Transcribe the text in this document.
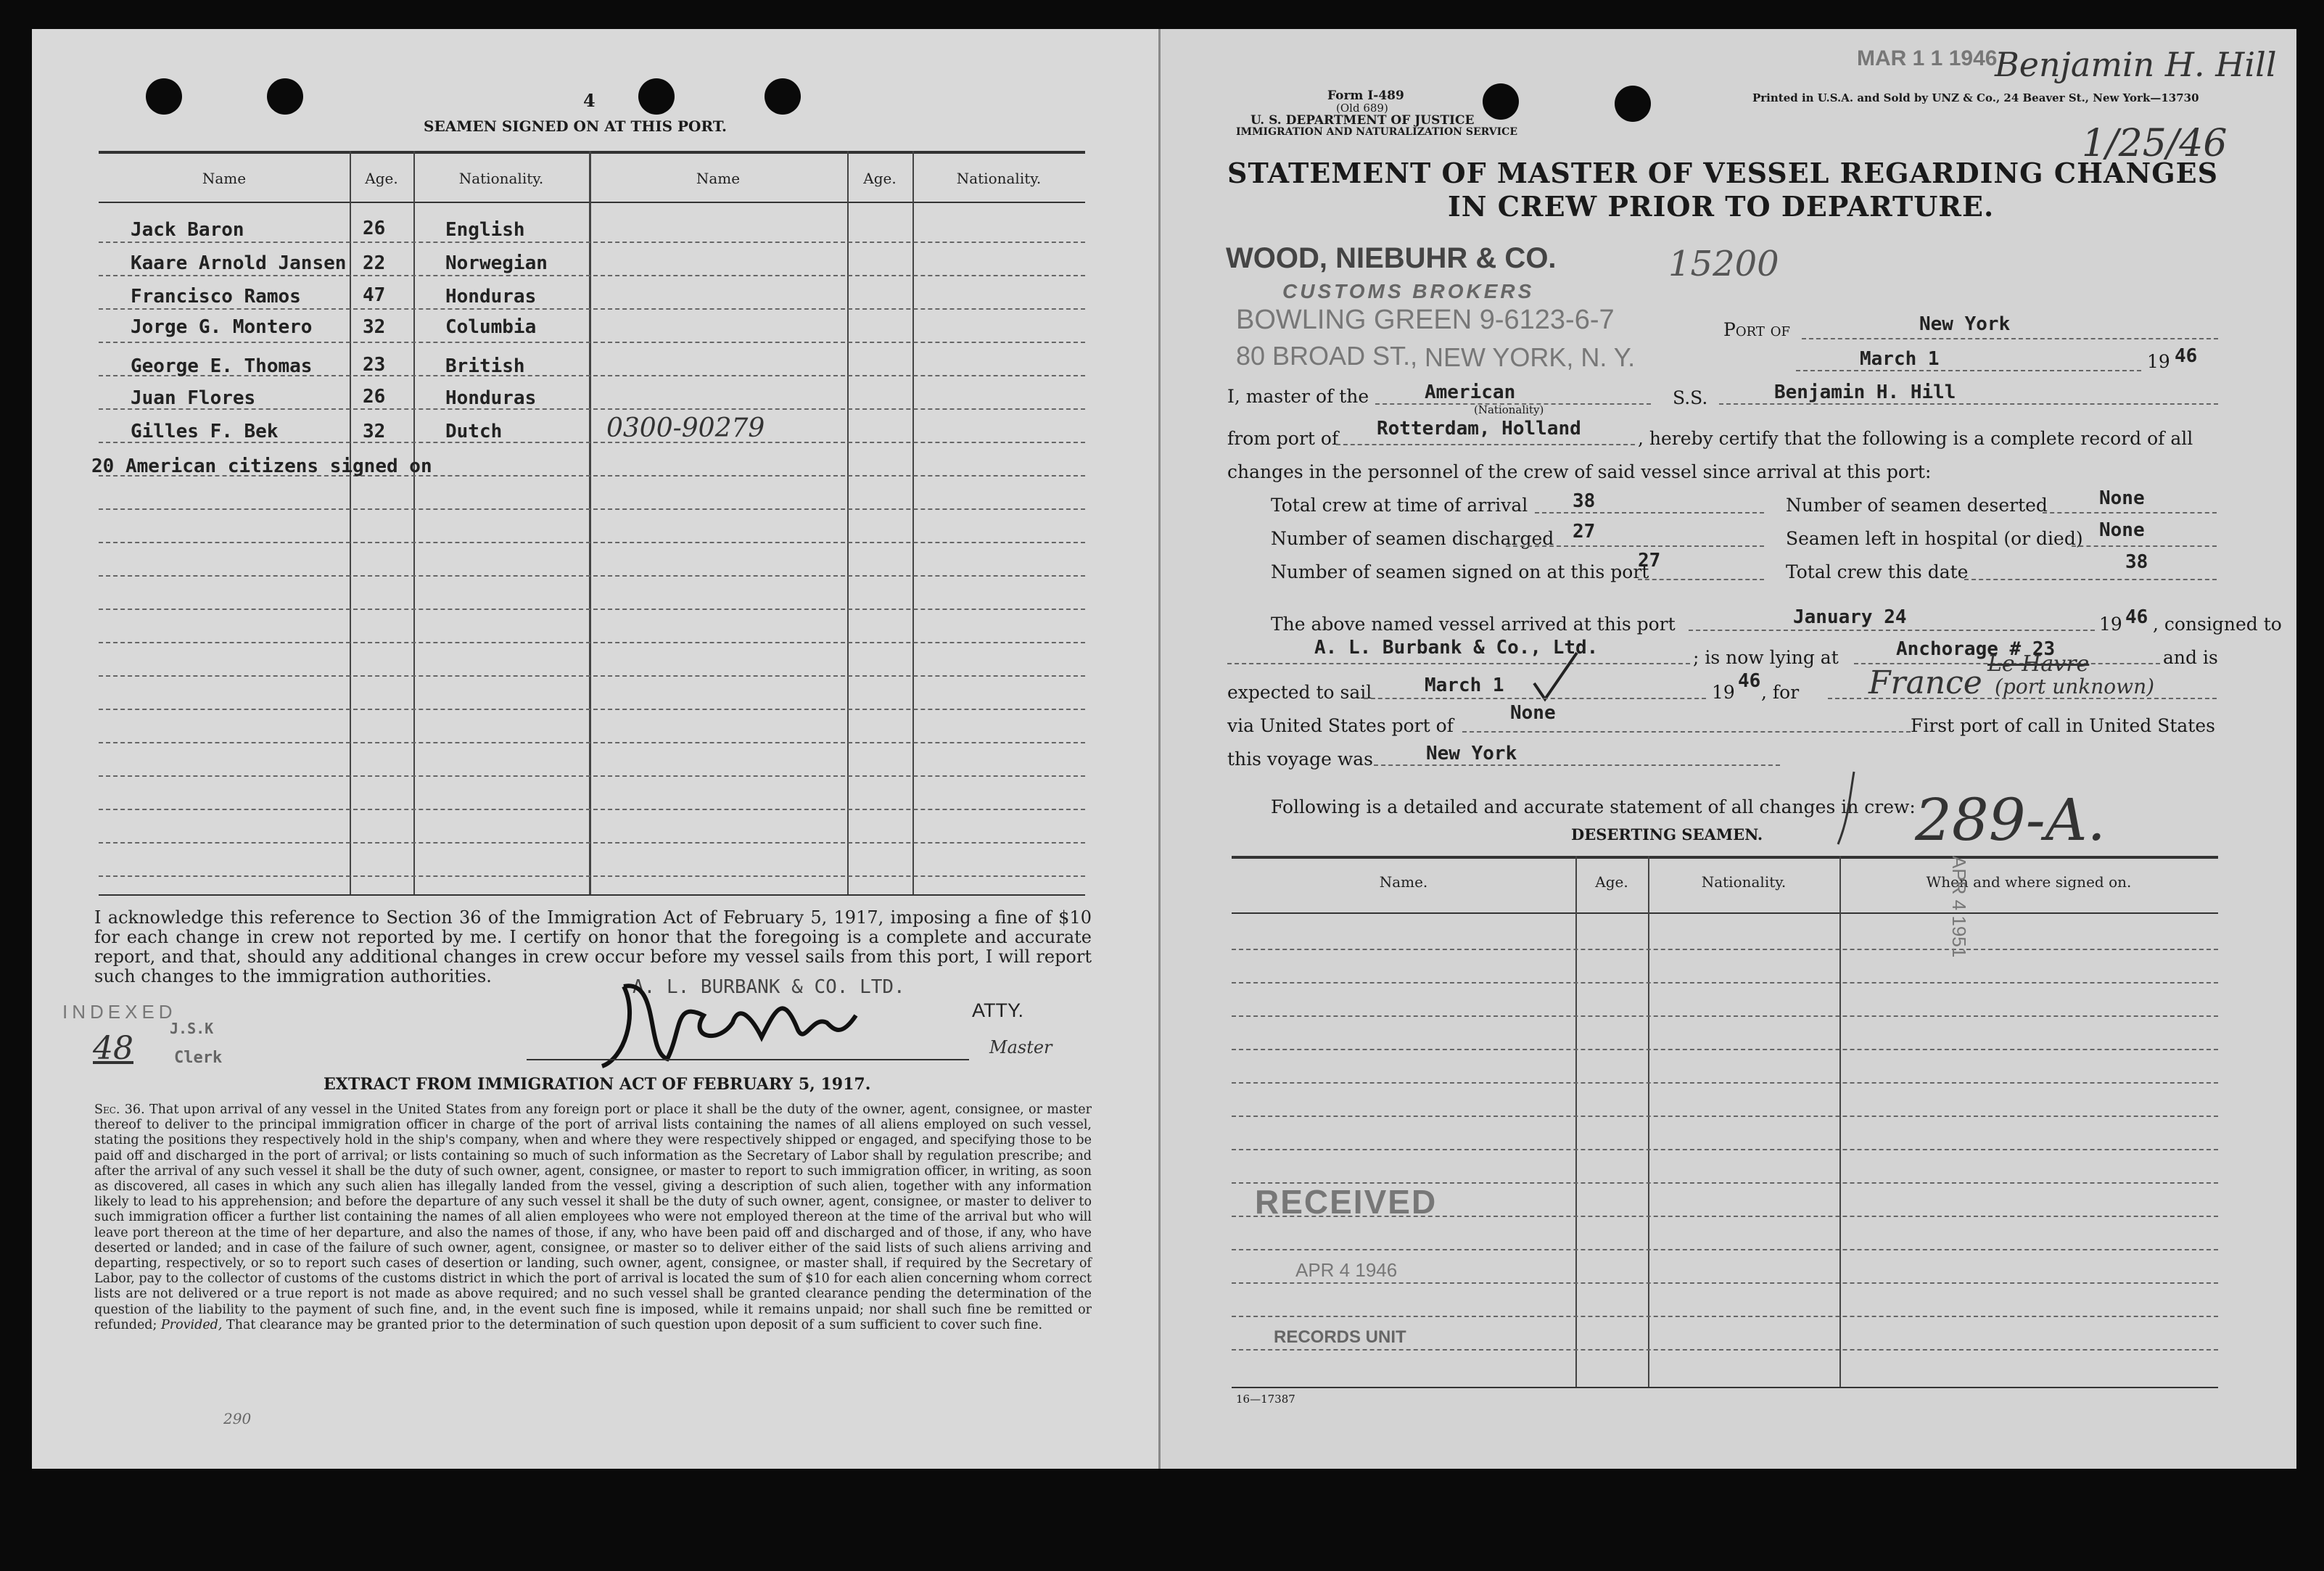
4
SEAMEN SIGNED ON AT THIS PORT.
Name	Age.	Nationality.	Name	Age.	Nationality.
Jack Baron	26	English
Kaare Arnold Jansen 22	Norwegian
Francisco Ramos	47	Honduras
Jorge G. Montero	32	Columbia
George E. Thomas	23	British
Juan Flores	26	Honduras
Gilles F. Bek	32	Dutch	0300-90279
20 American citizens signed on
I acknowledge this reference to Section 36 of the Immigration Act of February 5, 1917, imposing a fine of $10 for each change in crew not reported by me. I certify on honor that the foregoing is a complete and accurate report, and that, should any additional changes in crew occur before my vessel sails from this port, I will report such changes to the immigration authorities.	A. L. BURBANK & CO. LTD.
ATTY.
Master
INDEXED
J.S.K
48	Clerk
EXTRACT FROM IMMIGRATION ACT OF FEBRUARY 5, 1917.
Sec. 36. That upon arrival of any vessel in the United States from any foreign port or place it shall be the duty of the owner, agent, consignee, or master thereof to deliver to the principal immigration officer in charge of the port of arrival lists containing the names of all aliens employed on such vessel, stating the positions they respectively hold in the ship's company, when and where they were respectively shipped or engaged, and specifying those to be paid off and discharged in the port of arrival; or lists containing so much of such information as the Secretary of Labor shall by regulation prescribe; and after the arrival of any such vessel it shall be the duty of such owner, agent, consignee, or master to report to such immigration officer, in writing, as soon as discovered, all cases in which any such alien has illegally landed from the vessel, giving a description of such alien, together with any information likely to lead to his apprehension; and before the departure of any such vessel it shall be the duty of such owner, agent, consignee, or master to deliver to such immigration officer a further list containing the names of all alien employees who were not employed thereon at the time of the arrival but who will leave port thereon at the time of her departure, and also the names of those, if any, who have been paid off and discharged and of those, if any, who have deserted or landed; and in case of the failure of such owner, agent, consignee, or master so to deliver either of the said lists of such aliens arriving and departing, respectively, or so to report such cases of desertion or landing, such owner, agent, consignee, or master shall, if required by the Secretary of Labor, pay to the collector of customs of the customs district in which the port of arrival is located the sum of $10 for each alien concerning whom correct lists are not delivered or a true report is not made as above required; and no such vessel shall be granted clearance pending the determination of the question of the liability to the payment of such fine, and, in the event such fine is imposed, while it remains unpaid; nor shall such fine be remitted or refunded; Provided, That clearance may be granted prior to the determination of such question upon deposit of a sum sufficient to cover such fine.
290
MAR 1 1 1946
Benjamin H. Hill
1/25/46
Form I-489
(Old 689)
U. S. DEPARTMENT OF JUSTICE
IMMIGRATION AND NATURALIZATION SERVICE
Printed in U.S.A. and Sold by UNZ & Co., 24 Beaver St., New York—13730
STATEMENT OF MASTER OF VESSEL REGARDING CHANGES
IN CREW PRIOR TO DEPARTURE.
WOOD, NIEBUHR & CO.
CUSTOMS BROKERS
BOWLING GREEN 9-6123-6-7
80 BROAD ST., NEW YORK, N. Y.
15200
Port of	New York
March 1	19 46
I, master of the	American
(Nationality)
S.S.	Benjamin H. Hill
from port of Rotterdam, Holland	, hereby certify that the following is a complete record of all
changes in the personnel of the crew of said vessel since arrival at this port:
Total crew at time of arrival 38
Number of seamen discharged 27
Number of seamen signed on at this port
27
Number of seamen deserted	None
Seamen left in hospital (or died) None
Total crew this date	38
The above named vessel arrived at this port	January 24	19 46 , consigned to
A. L. Burbank & Co., Ltd.	; is now lying at	Anchorage # 23	and is
expected to sail	March 1	19
46
, for France (port unknown)
Le Havre
via United States port of
None
First port of call in United States
this voyage was	New York
Following is a detailed and accurate statement of all changes in crew:
DESERTING SEAMEN.	289-A.
Name.	Age.	Nationality.	When and where signed on.
RECEIVED
APR 4 1946
RECORDS UNIT
APR 4 1951
16—17387
